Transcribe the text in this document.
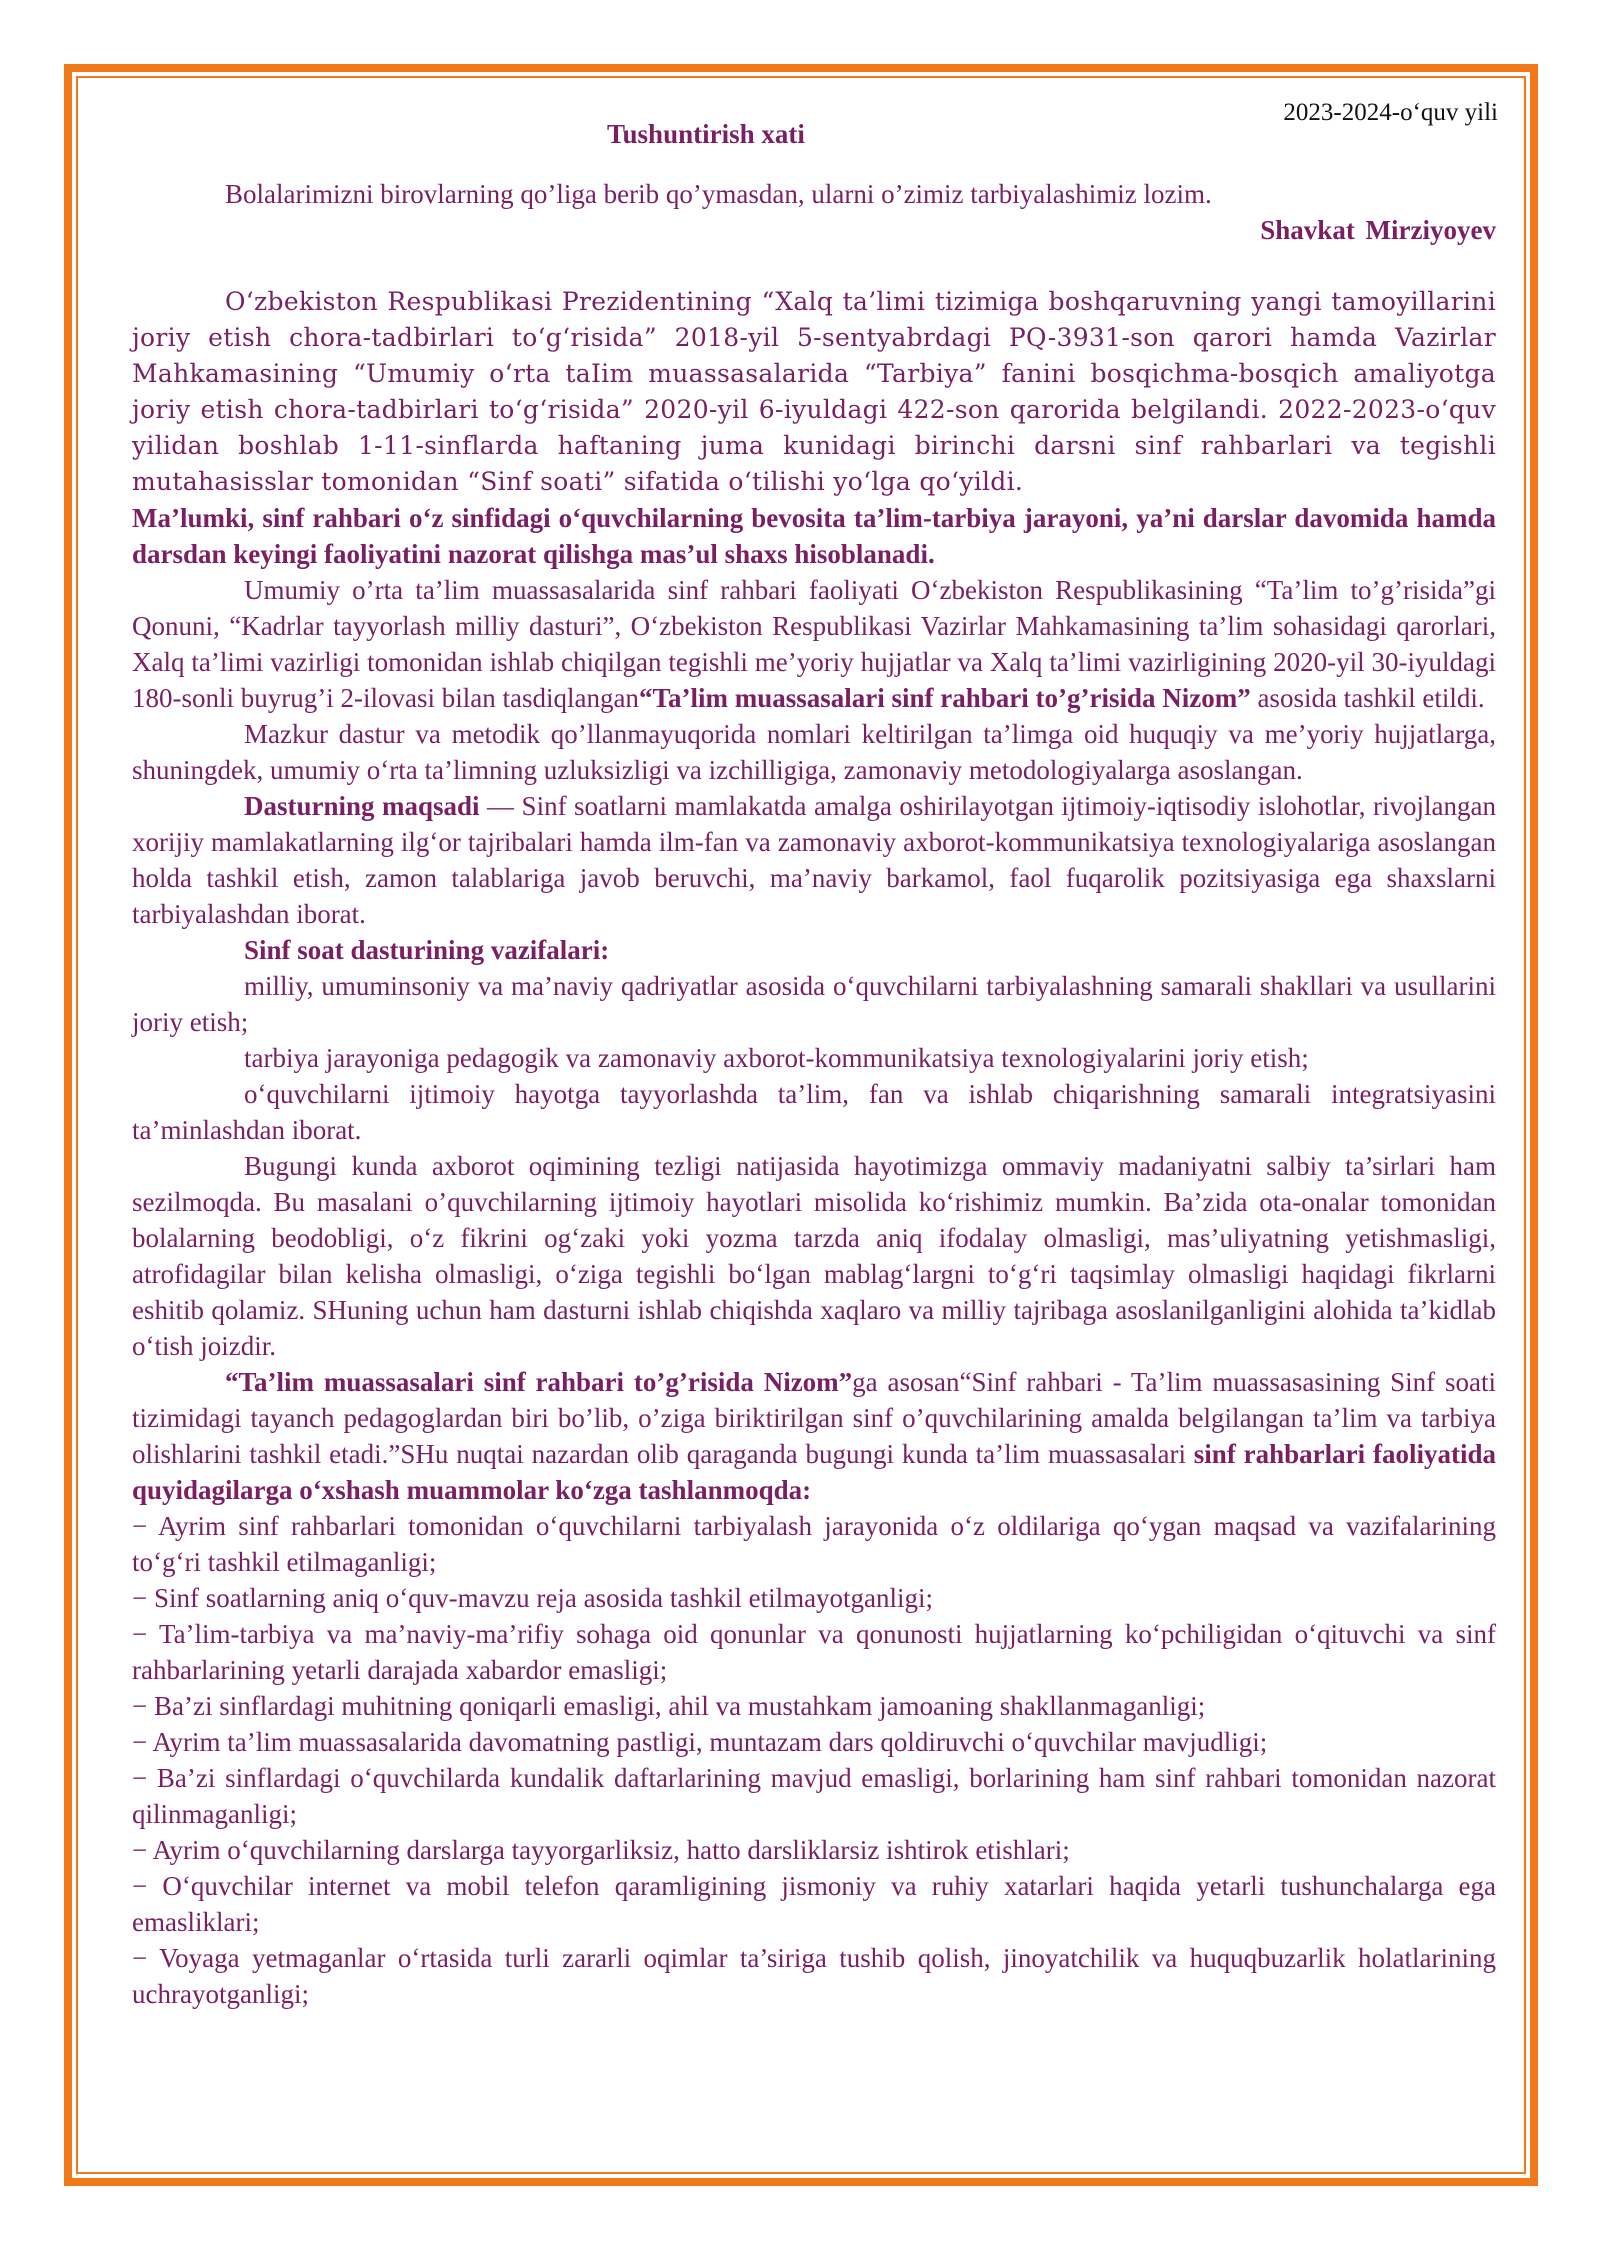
2023-2024-o‘quv yili
Tushuntirish xati
Bolalarimizni birovlarning qo’liga berib qo’ymasdan, ularni o’zimiz tarbiyalashimiz lozim.
Shavkat Mirziyoyev

O‘zbekiston Respublikasi Prezidentining “Xalq ta’limi tizimiga boshqaruvning yangi tamoyillarini joriy etish chora-tadbirlari to‘g‘risida” 2018-yil 5-sentyabrdagi PQ-3931-son qarori hamda Vazirlar Mahkamasining “Umumiy o‘rta taIim muassasalarida “Tarbiya” fanini bosqichma-bosqich amaliyotga joriy etish chora-tadbirlari to‘g‘risida” 2020-yil 6-iyuldagi 422-son qarorida belgilandi. 2022-2023-o‘quv yilidan boshlab 1-11-sinflarda haftaning juma kunidagi birinchi darsni sinf rahbarlari va tegishli mutahasisslar tomonidan “Sinf soati” sifatida o‘tilishi yo‘lga qo‘yildi.

Ma’lumki, sinf rahbari o‘z sinfidagi o‘quvchilarning bevosita ta’lim-tarbiya jarayoni, ya’ni darslar davomida hamda darsdan keyingi faoliyatini nazorat qilishga mas’ul shaxs hisoblanadi.

Umumiy o’rta ta’lim muassasalarida sinf rahbari faoliyati O‘zbekiston Respublikasining “Ta’lim to’g’risida”gi Qonuni, “Kadrlar tayyorlash milliy dasturi”, O‘zbekiston Respublikasi Vazirlar Mahkamasining ta’lim sohasidagi qarorlari, Xalq ta’limi vazirligi tomonidan ishlab chiqilgan tegishli me’yoriy hujjatlar va Xalq ta’limi vazirligining 2020-yil 30-iyuldagi 180-sonli buyrug’i 2-ilovasi bilan tasdiqlangan“Ta’lim muassasalari sinf rahbari to’g’risida Nizom” asosida tashkil etildi.

Mazkur dastur va metodik qo’llanmayuqorida nomlari keltirilgan ta’limga oid huquqiy va me’yoriy hujjatlarga, shuningdek, umumiy o‘rta ta’limning uzluksizligi va izchilligiga, zamonaviy metodologiyalarga asoslangan.

Dasturning maqsadi — Sinf soatlarni mamlakatda amalga oshirilayotgan ijtimoiy-iqtisodiy islohotlar, rivojlangan xorijiy mamlakatlarning ilg‘or tajribalari hamda ilm-fan va zamonaviy axborot-kommunikatsiya texnologiyalariga asoslangan holda tashkil etish, zamon talablariga javob beruvchi, ma’naviy barkamol, faol fuqarolik pozitsiyasiga ega shaxslarni tarbiyalashdan iborat.

Sinf soat dasturining vazifalari:

milliy, umuminsoniy va ma’naviy qadriyatlar asosida o‘quvchilarni tarbiyalashning samarali shakllari va usullarini joriy etish;

tarbiya jarayoniga pedagogik va zamonaviy axborot-kommunikatsiya texnologiyalarini joriy etish;

o‘quvchilarni ijtimoiy hayotga tayyorlashda ta’lim, fan va ishlab chiqarishning samarali integratsiyasini ta’minlashdan iborat.

Bugungi kunda axborot oqimining tezligi natijasida hayotimizga ommaviy madaniyatni salbiy ta’sirlari ham sezilmoqda. Bu masalani o’quvchilarning ijtimoiy hayotlari misolida ko‘rishimiz mumkin. Ba’zida ota-onalar tomonidan bolalarning beodobligi, o‘z fikrini og‘zaki yoki yozma tarzda aniq ifodalay olmasligi, mas’uliyatning yetishmasligi, atrofidagilar bilan kelisha olmasligi, o‘ziga tegishli bo‘lgan mablag‘largni to‘g‘ri taqsimlay olmasligi haqidagi fikrlarni eshitib qolamiz. SHuning uchun ham dasturni ishlab chiqishda xaqlaro va milliy tajribaga asoslanilganligini alohida ta’kidlab o‘tish joizdir.

“Ta’lim muassasalari sinf rahbari to’g’risida Nizom”ga asosan“Sinf rahbari - Ta’lim muassasasining Sinf soati tizimidagi tayanch pedagoglardan biri bo’lib, o’ziga biriktirilgan sinf o’quvchilarining amalda belgilangan ta’lim va tarbiya olishlarini tashkil etadi.”SHu nuqtai nazardan olib qaraganda bugungi kunda ta’lim muassasalari sinf rahbarlari faoliyatida quyidagilarga o‘xshash muammolar ko‘zga tashlanmoqda:

− Ayrim sinf rahbarlari tomonidan o‘quvchilarni tarbiyalash jarayonida o‘z oldilariga qo‘ygan maqsad va vazifalarining to‘g‘ri tashkil etilmaganligi;

− Sinf soatlarning aniq o‘quv-mavzu reja asosida tashkil etilmayotganligi;

− Ta’lim-tarbiya va ma’naviy-ma’rifiy sohaga oid qonunlar va qonunosti hujjatlarning ko‘pchiligidan o‘qituvchi va sinf rahbarlarining yetarli darajada xabardor emasligi;

− Ba’zi sinflardagi muhitning qoniqarli emasligi, ahil va mustahkam jamoaning shakllanmaganligi;

− Ayrim ta’lim muassasalarida davomatning pastligi, muntazam dars qoldiruvchi o‘quvchilar mavjudligi;

− Ba’zi sinflardagi o‘quvchilarda kundalik daftarlarining mavjud emasligi, borlarining ham sinf rahbari tomonidan nazorat qilinmaganligi;

− Ayrim o‘quvchilarning darslarga tayyorgarliksiz, hatto darsliklarsiz ishtirok etishlari;

− O‘quvchilar internet va mobil telefon qaramligining jismoniy va ruhiy xatarlari haqida yetarli tushunchalarga ega emasliklari;

− Voyaga yetmaganlar o‘rtasida turli zararli oqimlar ta’siriga tushib qolish, jinoyatchilik va huquqbuzarlik holatlarining uchrayotganligi;
